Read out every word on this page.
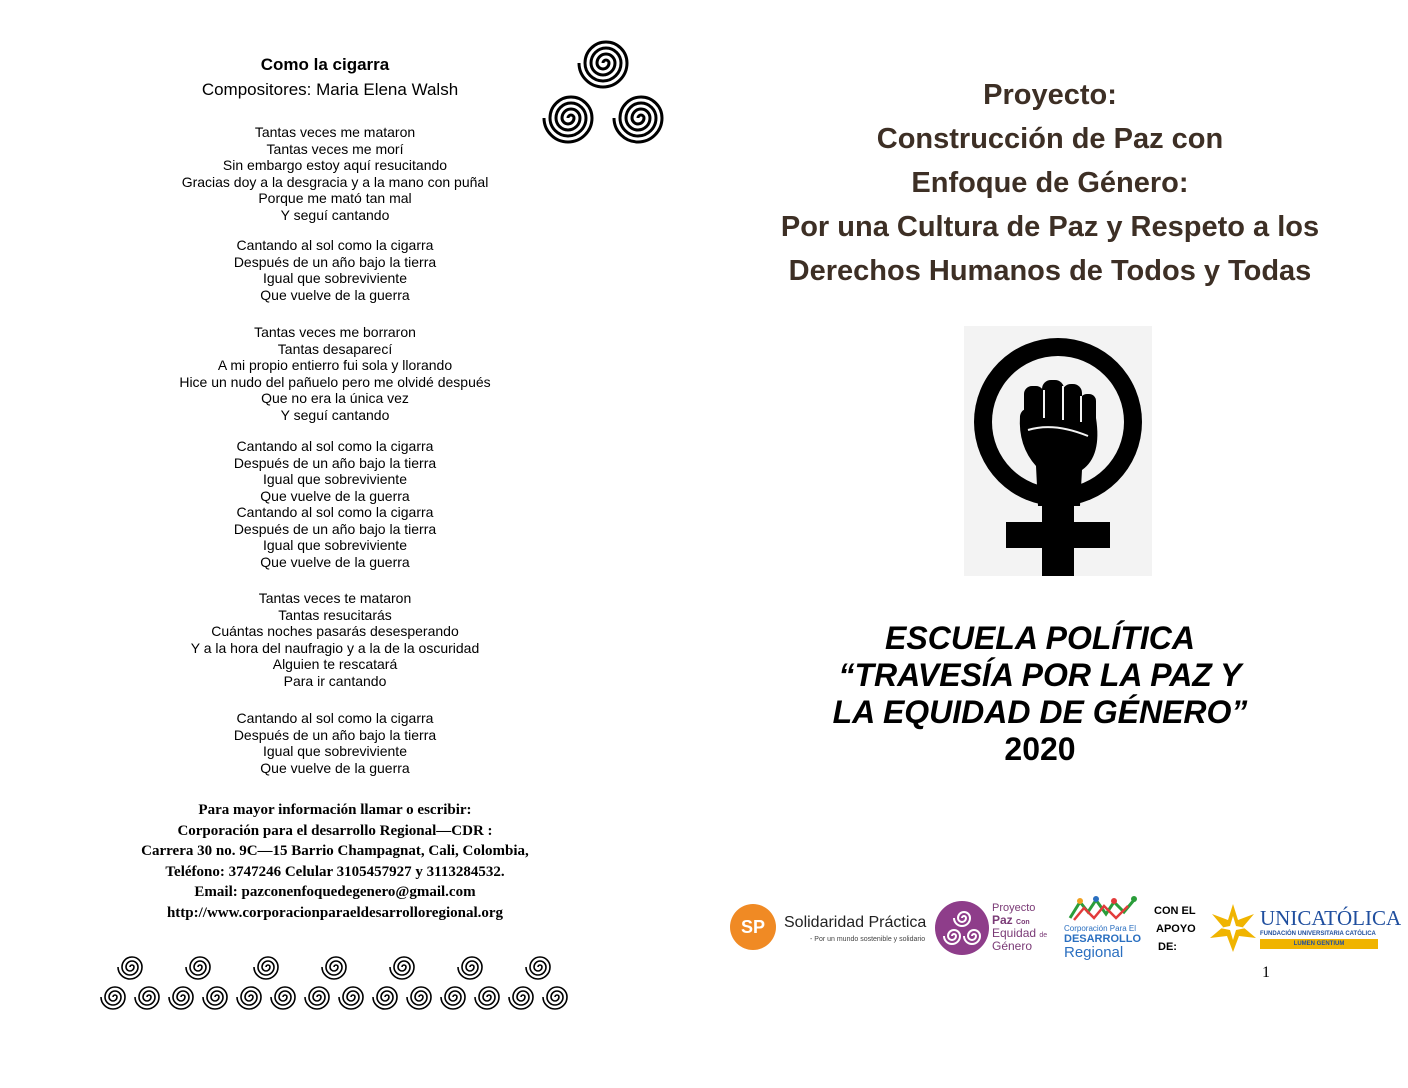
Como la cigarra
Compositores: Maria Elena Walsh
Tantas veces me mataron
Tantas veces me morí
Sin embargo estoy aquí resucitando
Gracias doy a la desgracia y a la mano con puñal
Porque me mató tan mal
Y seguí cantando
Cantando al sol como la cigarra
Después de un año bajo la tierra
Igual que sobreviviente
Que vuelve de la guerra
Tantas veces me borraron
Tantas desaparecí
A mi propio entierro fui sola y llorando
Hice un nudo del pañuelo pero me olvidé después
Que no era la única vez
Y seguí cantando
Cantando al sol como la cigarra
Después de un año bajo la tierra
Igual que sobreviviente
Que vuelve de la guerra
Cantando al sol como la cigarra
Después de un año bajo la tierra
Igual que sobreviviente
Que vuelve de la guerra
Tantas veces te mataron
Tantas resucitarás
Cuántas noches pasarás desesperando
Y a la hora del naufragio y a la de la oscuridad
Alguien te rescatará
Para ir cantando
Cantando al sol como la cigarra
Después de un año bajo la tierra
Igual que sobreviviente
Que vuelve de la guerra
Para mayor información llamar o escribir:
Corporación para el desarrollo Regional—CDR :
Carrera 30 no. 9C—15 Barrio Champagnat, Cali, Colombia,
Teléfono: 3747246 Celular 3105457927 y 3113284532.
Email: pazconenfoquedegenero@gmail.com
http://www.corporacionparaeldesarrolloregional.org
Proyecto:
Construcción de Paz con
Enfoque de Género:
Por una Cultura de Paz y Respeto a los
Derechos Humanos de Todos y Todas
ESCUELA POLÍTICA
“TRAVESÍA POR LA PAZ Y
LA EQUIDAD DE GÉNERO”
2020
SP	Solidaridad Práctica
- Por un mundo sostenible y solidario
Proyecto
Paz Con
Equidad de
Género
Corporación Para El
DESARROLLO
Regional
CON EL
APOYO
DE:
UNICATÓLICA
FUNDACIÓN UNIVERSITARIA CATÓLICA
LUMEN GENTIUM
1
